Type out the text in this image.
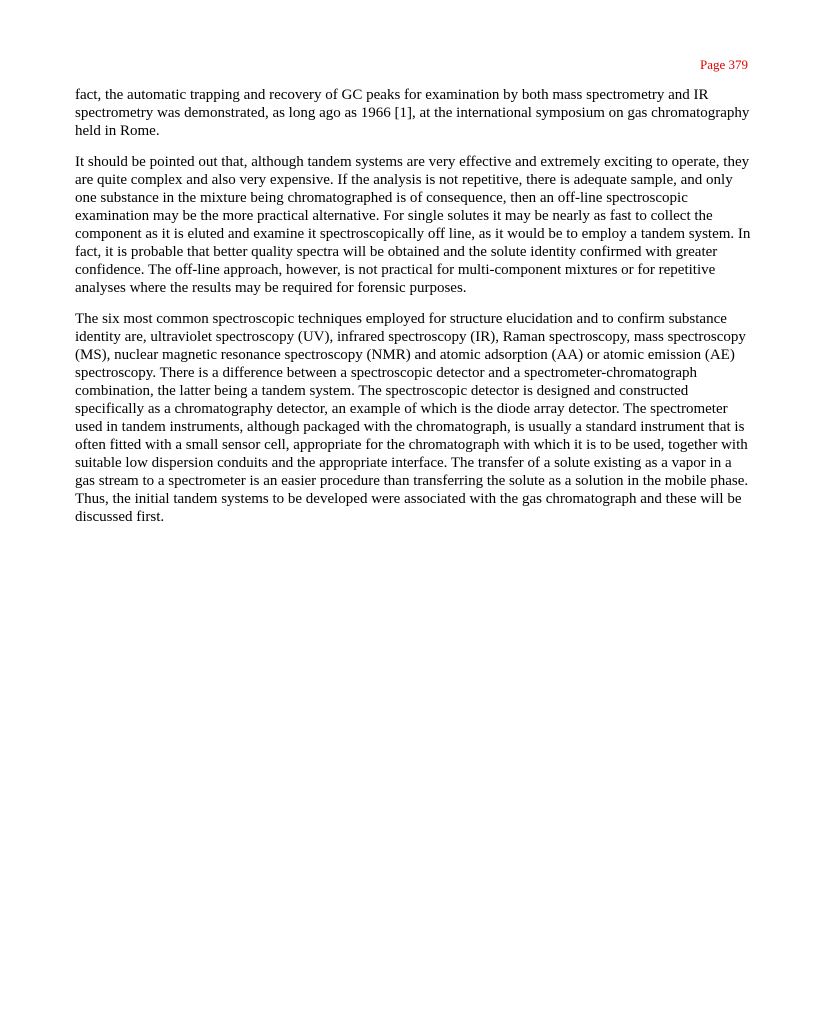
Page 379

fact, the automatic trapping and recovery of GC peaks for examination by both mass spectrometry and IR spectrometry was demonstrated, as long ago as 1966 [1], at the international symposium on gas chromatography held in Rome.

It should be pointed out that, although tandem systems are very effective and extremely exciting to operate, they are quite complex and also very expensive. If the analysis is not repetitive, there is adequate sample, and only one substance in the mixture being chromatographed is of consequence, then an off-line spectroscopic examination may be the more practical alternative. For single solutes it may be nearly as fast to collect the component as it is eluted and examine it spectroscopically off line, as it would be to employ a tandem system. In fact, it is probable that better quality spectra will be obtained and the solute identity confirmed with greater confidence. The off-line approach, however, is not practical for multi-component mixtures or for repetitive analyses where the results may be required for forensic purposes.

The six most common spectroscopic techniques employed for structure elucidation and to confirm substance identity are, ultraviolet spectroscopy (UV), infrared spectroscopy (IR), Raman spectroscopy, mass spectroscopy (MS), nuclear magnetic resonance spectroscopy (NMR) and atomic adsorption (AA) or atomic emission (AE) spectroscopy. There is a difference between a spectroscopic detector and a spectrometer-chromatograph combination, the latter being a tandem system. The spectroscopic detector is designed and constructed specifically as a chromatography detector, an example of which is the diode array detector. The spectrometer used in tandem instruments, although packaged with the chromatograph, is usually a standard instrument that is often fitted with a small sensor cell, appropriate for the chromatograph with which it is to be used, together with suitable low dispersion conduits and the appropriate interface. The transfer of a solute existing as a vapor in a gas stream to a spectrometer is an easier procedure than transferring the solute as a solution in the mobile phase. Thus, the initial tandem systems to be developed were associated with the gas chromatograph and these will be discussed first.
